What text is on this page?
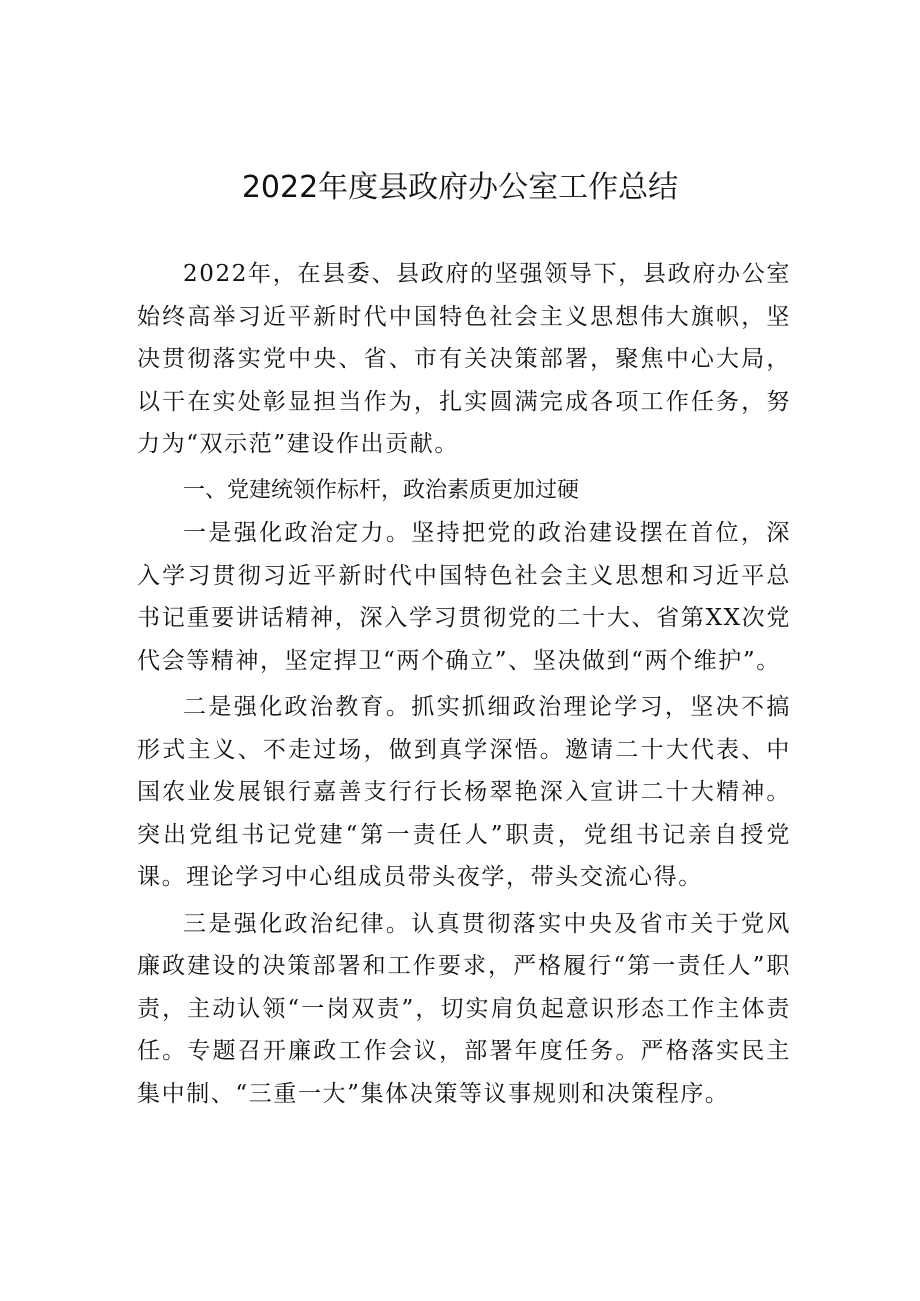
2022年度县政府办公室工作总结

2022年，在县委、县政府的坚强领导下，县政府办公室始终高举习近平新时代中国特色社会主义思想伟大旗帜，坚决贯彻落实党中央、省、市有关决策部署，聚焦中心大局，以干在实处彰显担当作为，扎实圆满完成各项工作任务，努力为“双示范”建设作出贡献。

一、党建统领作标杆，政治素质更加过硬

一是强化政治定力。坚持把党的政治建设摆在首位，深入学习贯彻习近平新时代中国特色社会主义思想和习近平总书记重要讲话精神，深入学习贯彻党的二十大、省第XX次党代会等精神，坚定捍卫“两个确立”、坚决做到“两个维护”。

二是强化政治教育。抓实抓细政治理论学习，坚决不搞形式主义、不走过场，做到真学深悟。邀请二十大代表、中国农业发展银行嘉善支行行长杨翠艳深入宣讲二十大精神。突出党组书记党建“第一责任人”职责，党组书记亲自授党课。理论学习中心组成员带头夜学，带头交流心得。

三是强化政治纪律。认真贯彻落实中央及省市关于党风廉政建设的决策部署和工作要求，严格履行“第一责任人”职责，主动认领“一岗双责”，切实肩负起意识形态工作主体责任。专题召开廉政工作会议，部署年度任务。严格落实民主集中制、“三重一大”集体决策等议事规则和决策程序。
